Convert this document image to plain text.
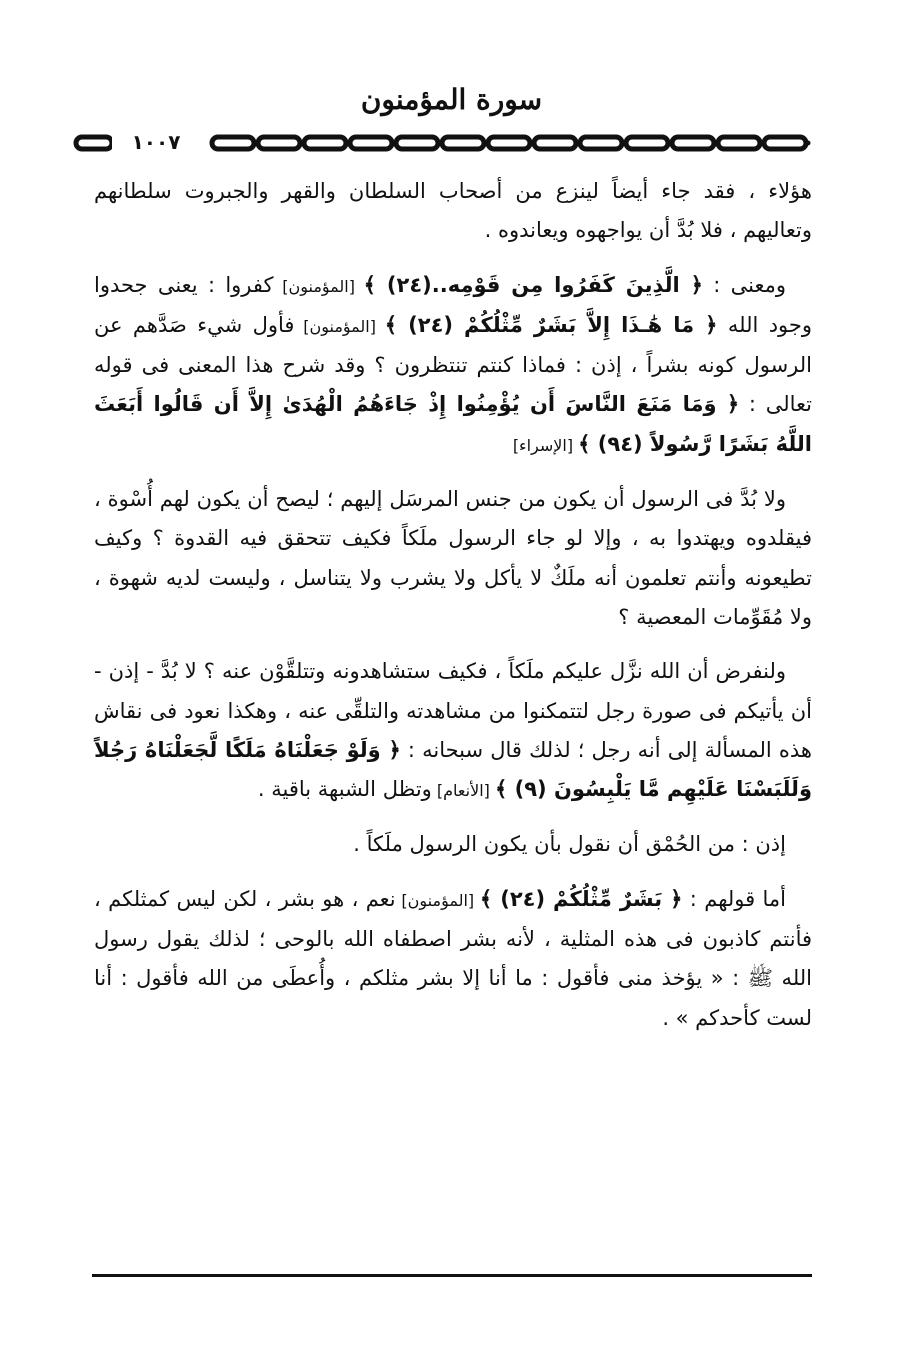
سورة المؤمنون
١٠٠٧

هؤلاء ، فقد جاء أيضاً لينزع من أصحاب السلطان والقهر والجبروت سلطانهم وتعاليهم ، فلا بُدَّ أن يواجهوه ويعاندوه .

ومعنى : ﴿ الَّذِينَ كَفَرُوا مِن قَوْمِه..(٢٤) ﴾ [المؤمنون] كفروا : يعنى جحدوا وجود الله ﴿ مَا هَٰـذَا إِلاَّ بَشَرٌ مِّثْلُكُمْ (٢٤) ﴾ [المؤمنون] فأول شيء صَدَّهم عن الرسول كونه بشراً ، إذن : فماذا كنتم تنتظرون ؟ وقد شرح هذا المعنى فى قوله تعالى : ﴿ وَمَا مَنَعَ النَّاسَ أَن يُؤْمِنُوا إِذْ جَاءَهُمُ الْهُدَىٰ إِلاَّ أَن قَالُوا أَبَعَثَ اللَّهُ بَشَرًا رَّسُولاً (٩٤) ﴾ [الإسراء]

ولا بُدَّ فى الرسول أن يكون من جنس المرسَل إليهم ؛ ليصح أن يكون لهم أُسْوة ، فيقلدوه ويهتدوا به ، وإلا لو جاء الرسول ملَكاً فكيف تتحقق فيه القدوة ؟ وكيف تطيعونه وأنتم تعلمون أنه ملَكٌ لا يأكل ولا يشرب ولا يتناسل ، وليست لديه شهوة ، ولا مُقَوِّمات المعصية ؟

ولنفرض أن الله نزَّل عليكم ملَكاً ، فكيف ستشاهدونه وتتلقَّوْن عنه ؟ لا بُدَّ - إذن - أن يأتيكم فى صورة رجل لتتمكنوا من مشاهدته والتلقِّى عنه ، وهكذا نعود فى نقاش هذه المسألة إلى أنه رجل ؛ لذلك قال سبحانه : ﴿ وَلَوْ جَعَلْنَاهُ مَلَكًا لَّجَعَلْنَاهُ رَجُلاً وَلَلَبَسْنَا عَلَيْهِم مَّا يَلْبِسُونَ (٩) ﴾ [الأنعام] وتظل الشبهة باقية .

إذن : من الحُمْق أن نقول بأن يكون الرسول ملَكاً .

أما قولهم : ﴿ بَشَرٌ مِّثْلُكُمْ (٢٤) ﴾ [المؤمنون] نعم ، هو بشر ، لكن ليس كمثلكم ، فأنتم كاذبون فى هذه المثلية ، لأنه بشر اصطفاه الله بالوحى ؛ لذلك يقول رسول الله ﷺ : « يؤخذ منى فأقول : ما أنا إلا بشر مثلكم ، وأُعطَى من الله فأقول : أنا لست كأحدكم » .
